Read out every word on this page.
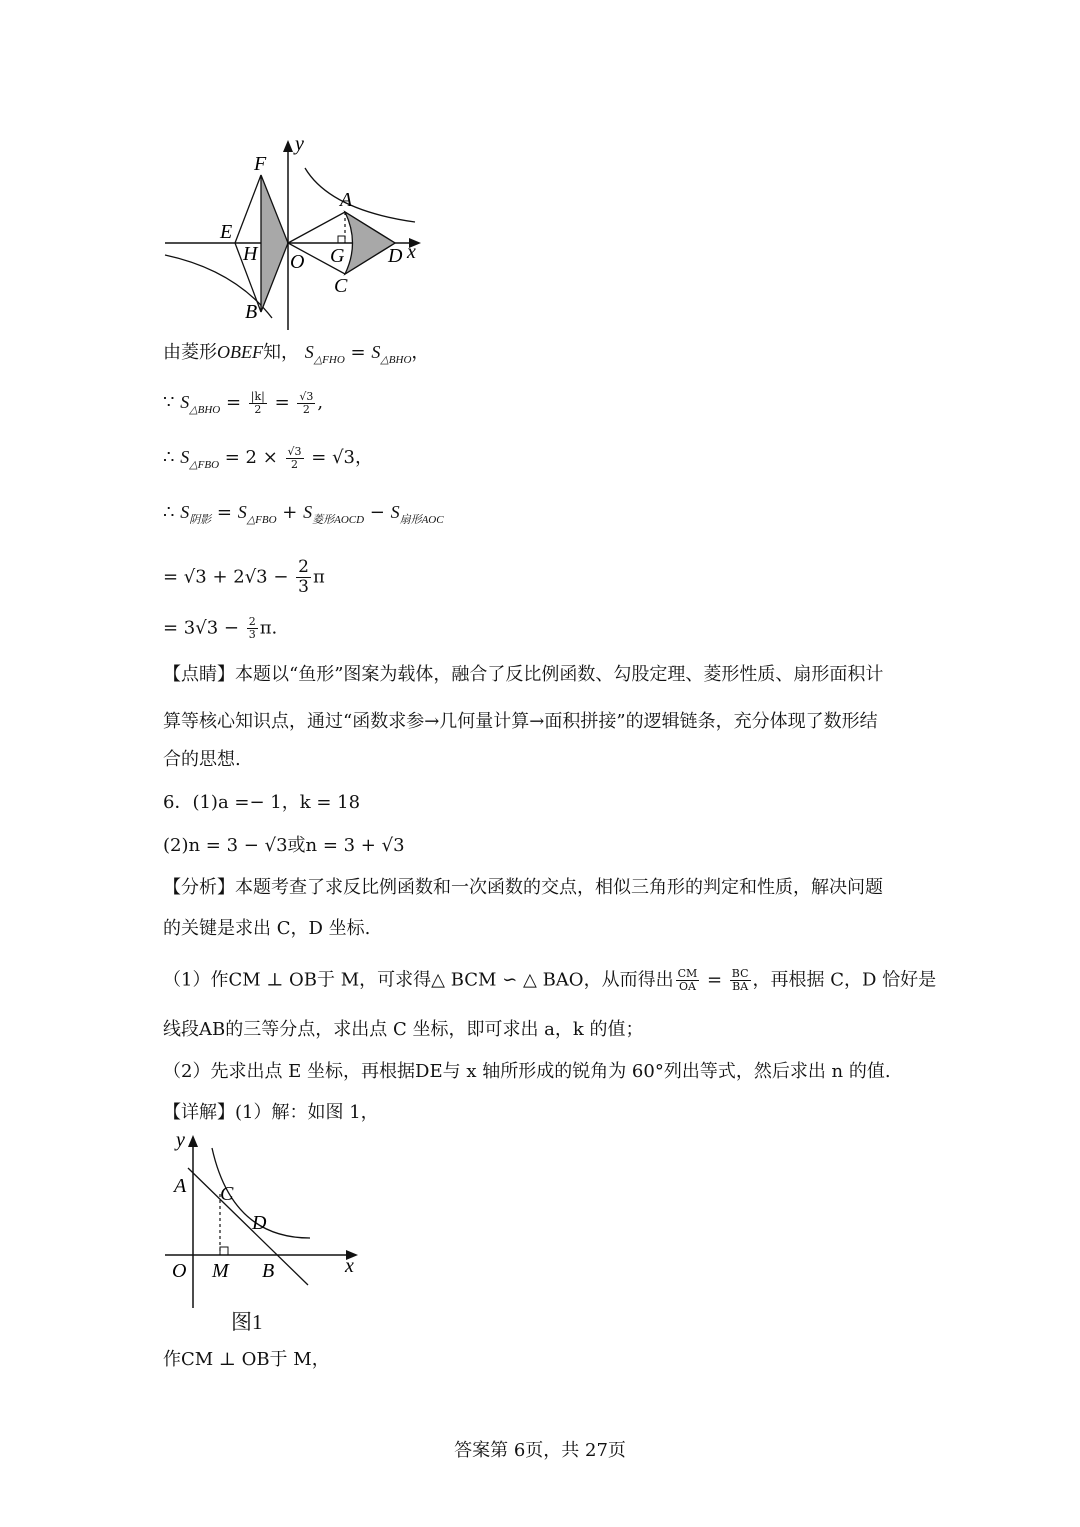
y
F
A
E
H O G D x
C
B
由菱形OBEF知， $S_{\triangle FHO} = S_{\triangle BHO}$，
∵ $S_{\triangle BHO} = \frac{|k|}{2} = \frac{√3}{2}$ ,
∴ $S_{\triangle FBO} = 2 \times \frac{√3}{2} = √3$，
∴ $S_{阴影} = S_{\triangle FBO} + S_{菱形AOCD} - S_{扇形AOC}$
= $√3 + 2√3 - \frac{2}{3}$ π
= $3√3 - \frac{2}{3} \pi$.
【点睛】本题以“鱼形”图案为载体，融合了反比例函数、勾股定理、菱形性质、扇形面积计
算等核心知识点，通过“函数求参→几何量计算→面积拼接”的逻辑链条，充分体现了数形结
合的思想.
6．(1)a =− 1，k = 18
(2)n = 3 − √3或n = 3 + √3
【分析】本题考查了求反比例函数和一次函数的交点，相似三角形的判定和性质，解决问题
的关键是求出 C，D 坐标.
（1）作CM ⊥ OB于 M，可求得△ BCM ∽ △ BAO，从而得出 $\frac{CM}{OA} = \frac{BC}{BA}$ ，再根据 C，D 恰好是
线段AB的三等分点，求出点 C 坐标，即可求出 a，k 的值；
（2）先求出点 E 坐标，再根据DE与 x 轴所形成的锐角为 60°列出等式，然后求出 n 的值.
【详解】(1）解：如图 1，
y
A C
D
O M B	x
图1
作CM ⊥ OB于 M，
答案第 6页，共 27页
